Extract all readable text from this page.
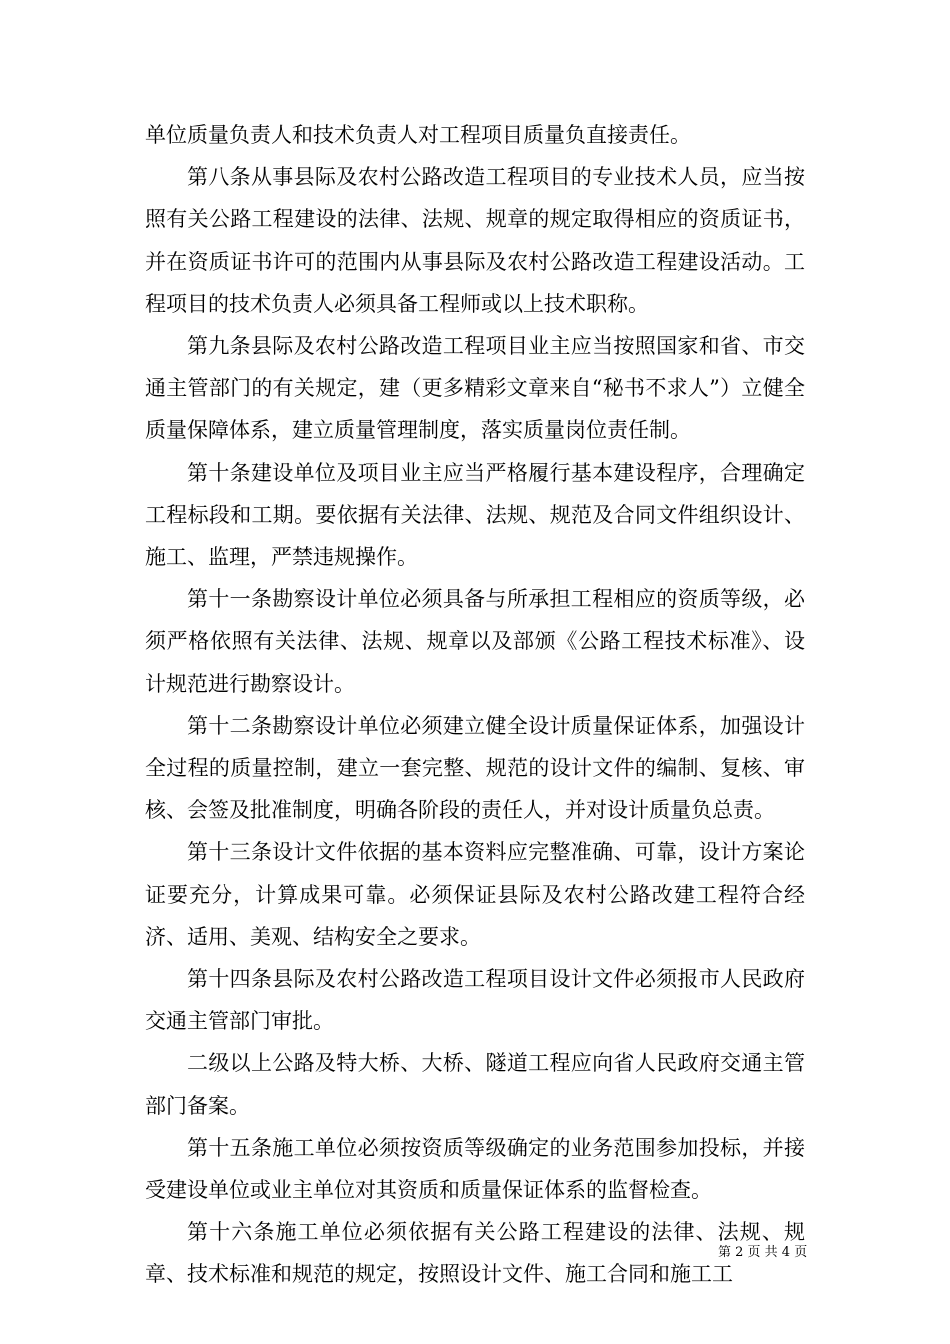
单位质量负责人和技术负责人对工程项目质量负直接责任。

第八条从事县际及农村公路改造工程项目的专业技术人员，应当按照有关公路工程建设的法律、法规、规章的规定取得相应的资质证书，并在资质证书许可的范围内从事县际及农村公路改造工程建设活动。工程项目的技术负责人必须具备工程师或以上技术职称。

第九条县际及农村公路改造工程项目业主应当按照国家和省、市交通主管部门的有关规定，建（更多精彩文章来自“秘书不求人”）立健全质量保障体系，建立质量管理制度，落实质量岗位责任制。

第十条建设单位及项目业主应当严格履行基本建设程序，合理确定工程标段和工期。要依据有关法律、法规、规范及合同文件组织设计、施工、监理，严禁违规操作。

第十一条勘察设计单位必须具备与所承担工程相应的资质等级，必须严格依照有关法律、法规、规章以及部颁《公路工程技术标准》、设计规范进行勘察设计。

第十二条勘察设计单位必须建立健全设计质量保证体系，加强设计全过程的质量控制，建立一套完整、规范的设计文件的编制、复核、审核、会签及批准制度，明确各阶段的责任人，并对设计质量负总责。

第十三条设计文件依据的基本资料应完整准确、可靠，设计方案论证要充分，计算成果可靠。必须保证县际及农村公路改建工程符合经济、适用、美观、结构安全之要求。

第十四条县际及农村公路改造工程项目设计文件必须报市人民政府交通主管部门审批。

二级以上公路及特大桥、大桥、隧道工程应向省人民政府交通主管部门备案。

第十五条施工单位必须按资质等级确定的业务范围参加投标，并接受建设单位或业主单位对其资质和质量保证体系的监督检查。

第十六条施工单位必须依据有关公路工程建设的法律、法规、规章、技术标准和规范的规定，按照设计文件、施工合同和施工工

第 2 页 共 4 页
